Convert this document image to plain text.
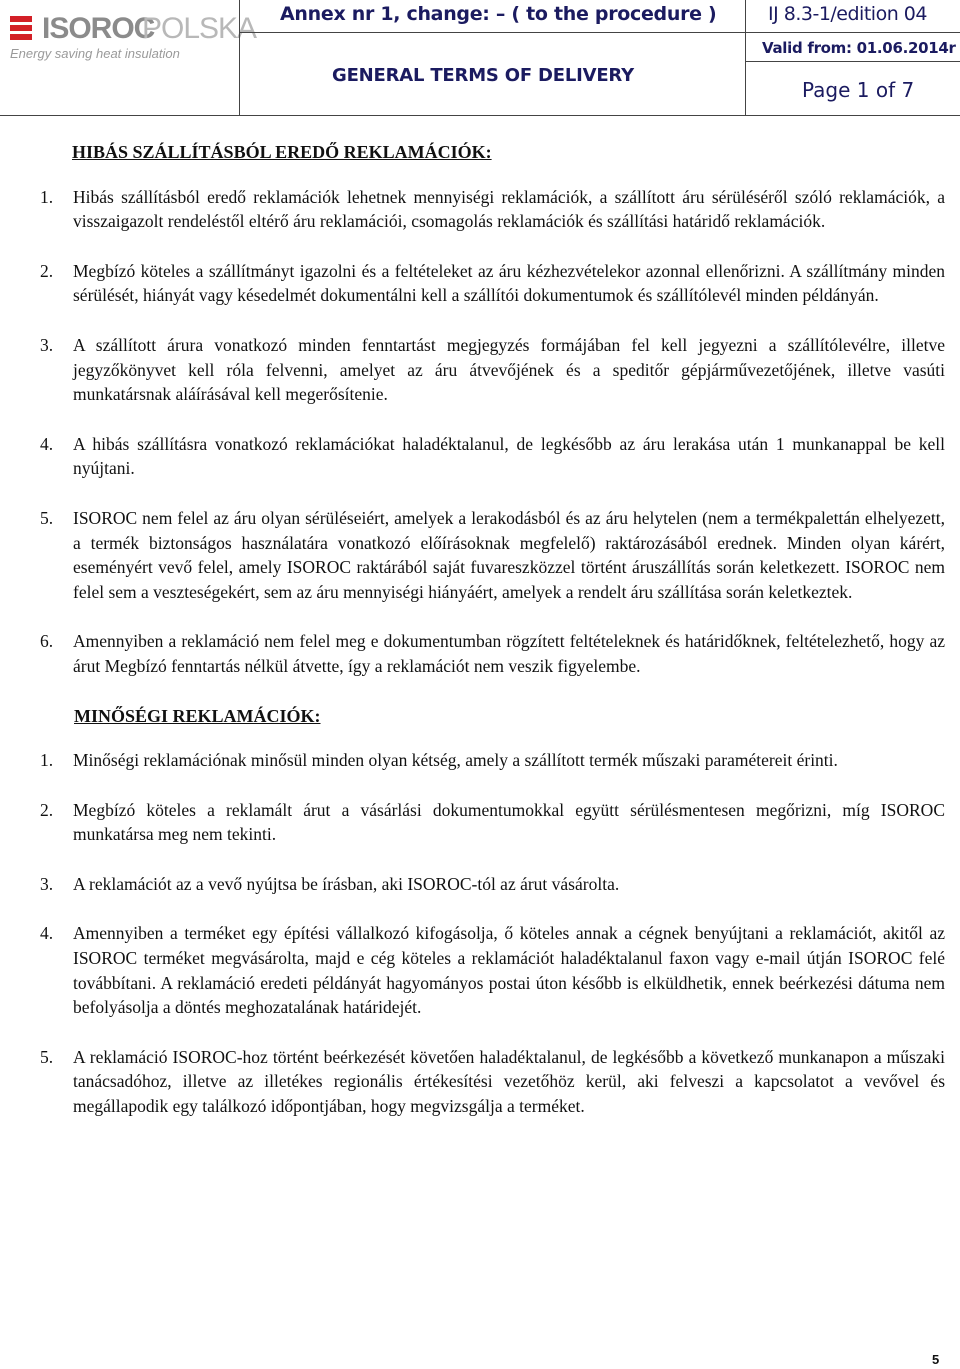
ISOROC
POLSKA
Energy saving heat insulation
Annex nr 1, change: – ( to the procedure )	IJ 8.3-1/edition 04
GENERAL TERMS OF DELIVERY
Valid from: 01.06.2014r
Page 1 of 7

HIBÁS SZÁLLÍTÁSBÓL EREDŐ REKLAMÁCIÓK:

1. Hibás szállításból eredő reklamációk lehetnek mennyiségi reklamációk, a szállított áru sérüléséről szóló reklamációk, a visszaigazolt rendeléstől eltérő áru reklamációi, csomagolás reklamációk és szállítási határidő reklamációk.
2. Megbízó köteles a szállítmányt igazolni és a feltételeket az áru kézhezvételekor azonnal ellenőrizni. A szállítmány minden sérülését, hiányát vagy késedelmét dokumentálni kell a szállítói dokumentumok és szállítólevél minden példányán.
3. A szállított árura vonatkozó minden fenntartást megjegyzés formájában fel kell jegyezni a szállítólevélre, illetve jegyzőkönyvet kell róla felvenni, amelyet az áru átvevőjének és a speditőr gépjárművezetőjének, illetve vasúti munkatársnak aláírásával kell megerősítenie.
4. A hibás szállításra vonatkozó reklamációkat haladéktalanul, de legkésőbb az áru lerakása után 1 munkanappal be kell nyújtani.
5. ISOROC nem felel az áru olyan sérüléseiért, amelyek a lerakodásból és az áru helytelen (nem a termékpalettán elhelyezett, a termék biztonságos használatára vonatkozó előírásoknak megfelelő) raktározásából erednek. Minden olyan kárért, eseményért vevő felel, amely ISOROC raktárából saját fuvareszközzel történt áruszállítás során keletkezett. ISOROC nem felel sem a veszteségekért, sem az áru mennyiségi hiányáért, amelyek a rendelt áru szállítása során keletkeztek.
6. Amennyiben a reklamáció nem felel meg e dokumentumban rögzített feltételeknek és határidőknek, feltételezhető, hogy az árut Megbízó fenntartás nélkül átvette, így a reklamációt nem veszik figyelembe.

MINŐSÉGI REKLAMÁCIÓK:

1. Minőségi reklamációnak minősül minden olyan kétség, amely a szállított termék műszaki paramétereit érinti.
2. Megbízó köteles a reklamált árut a vásárlási dokumentumokkal együtt sérülésmentesen megőrizni, míg ISOROC munkatársa meg nem tekinti.
3. A reklamációt az a vevő nyújtsa be írásban, aki ISOROC-tól az árut vásárolta.
4. Amennyiben a terméket egy építési vállalkozó kifogásolja, ő köteles annak a cégnek benyújtani a reklamációt, akitől az ISOROC terméket megvásárolta, majd e cég köteles a reklamációt haladéktalanul faxon vagy e-mail útján ISOROC felé továbbítani. A reklamáció eredeti példányát hagyományos postai úton később is elküldhetik, ennek beérkezési dátuma nem befolyásolja a döntés meghozatalának határidejét.
5. A reklamáció ISOROC-hoz történt beérkezését követően haladéktalanul, de legkésőbb a következő munkanapon a műszaki tanácsadóhoz, illetve az illetékes regionális értékesítési vezetőhöz kerül, aki felveszi a kapcsolatot a vevővel és megállapodik egy találkozó időpontjában, hogy megvizsgálja a terméket.
5
